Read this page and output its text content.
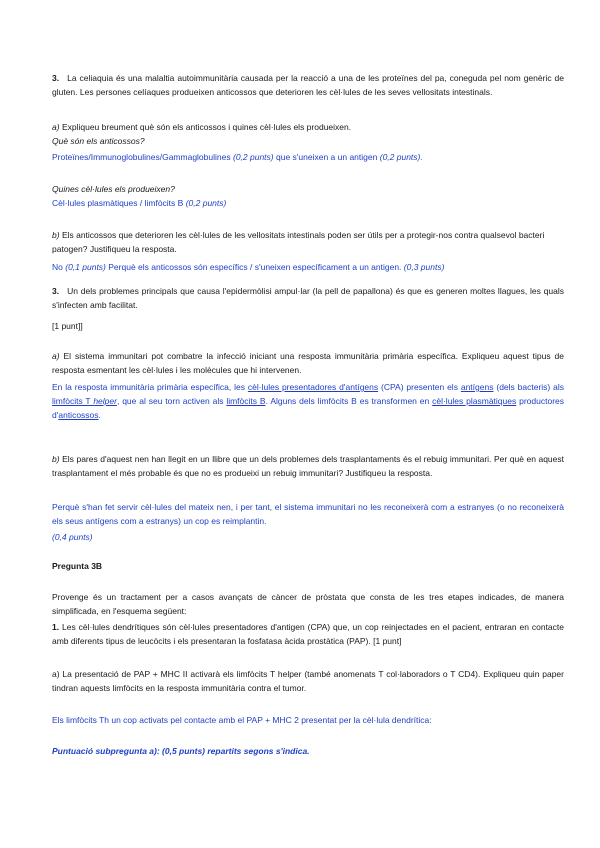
3. La celiaquia és una malaltia autoimmunitària causada per la reacció a una de les proteïnes del pa, coneguda pel nom genèric de gluten. Les persones celíaques produeixen anticossos que deterioren les cèl·lules de les seves vellositats intestinals.
a) Expliqueu breument què són els anticossos i quines cèl·lules els produeixen.
Què són els anticossos?
Proteïnes/Immunoglobulines/Gammaglobulines (0,2 punts) que s'uneixen a un antigen (0,2 punts).
Quines cèl·lules els produeixen?
Cèl·lules plasmàtiques / limfòcits B (0,2 punts)
b) Els anticossos que deterioren les cèl·lules de les vellositats intestinals poden ser útils per a protegir-nos contra qualsevol bacteri patogen? Justifiqueu la resposta.
No (0,1 punts) Perquè els anticossos són específics / s'uneixen específicament a un antigen. (0,3 punts)
3. Un dels problemes principals que causa l'epidermòlisi ampul·lar (la pell de papallona) és que es generen moltes llagues, les quals s'infecten amb facilitat.
[1 punt]]
a) El sistema immunitari pot combatre la infecció iniciant una resposta immunitària primària específica. Expliqueu aquest tipus de resposta esmentant les cèl·lules i les molècules que hi intervenen.
En la resposta immunitària primària específica, les cèl·lules presentadores d'antígens (CPA) presenten els antígens (dels bacteris) als limfòcits T helper, que al seu torn activen als limfòcits B. Alguns dels limfòcits B es transformen en cèl·lules plasmàtiques productores d'anticossos.
b) Els pares d'aquest nen han llegit en un llibre que un dels problemes dels trasplantaments és el rebuig immunitari. Per què en aquest trasplantament el més probable és que no es produeixi un rebuig immunitari? Justifiqueu la resposta.
Perquè s'han fet servir cèl·lules del mateix nen, i per tant, el sistema immunitari no les reconeixerà com a estranyes (o no reconeixerà els seus antígens com a estranys) un cop es reimplantin.
(0,4 punts)
Pregunta 3B
Provenge és un tractament per a casos avançats de càncer de pròstata que consta de les tres etapes indicades, de manera simplificada, en l'esquema següent:
1. Les cèl·lules dendrítiques són cèl·lules presentadores d'antigen (CPA) que, un cop reinjectades en el pacient, entraran en contacte amb diferents tipus de leucòcits i els presentaran la fosfatasa àcida prostàtica (PAP). [1 punt]
a) La presentació de PAP + MHC II activarà els limfòcits T helper (també anomenats T col·laboradors o T CD4). Expliqueu quin paper tindran aquests limfòcits en la resposta immunitària contra el tumor.
Els limfòcits Th un cop activats pel contacte amb el PAP + MHC 2 presentat per la cèl·lula dendrítica:
Puntuació subpregunta a): (0,5 punts) repartits segons s'indica.
